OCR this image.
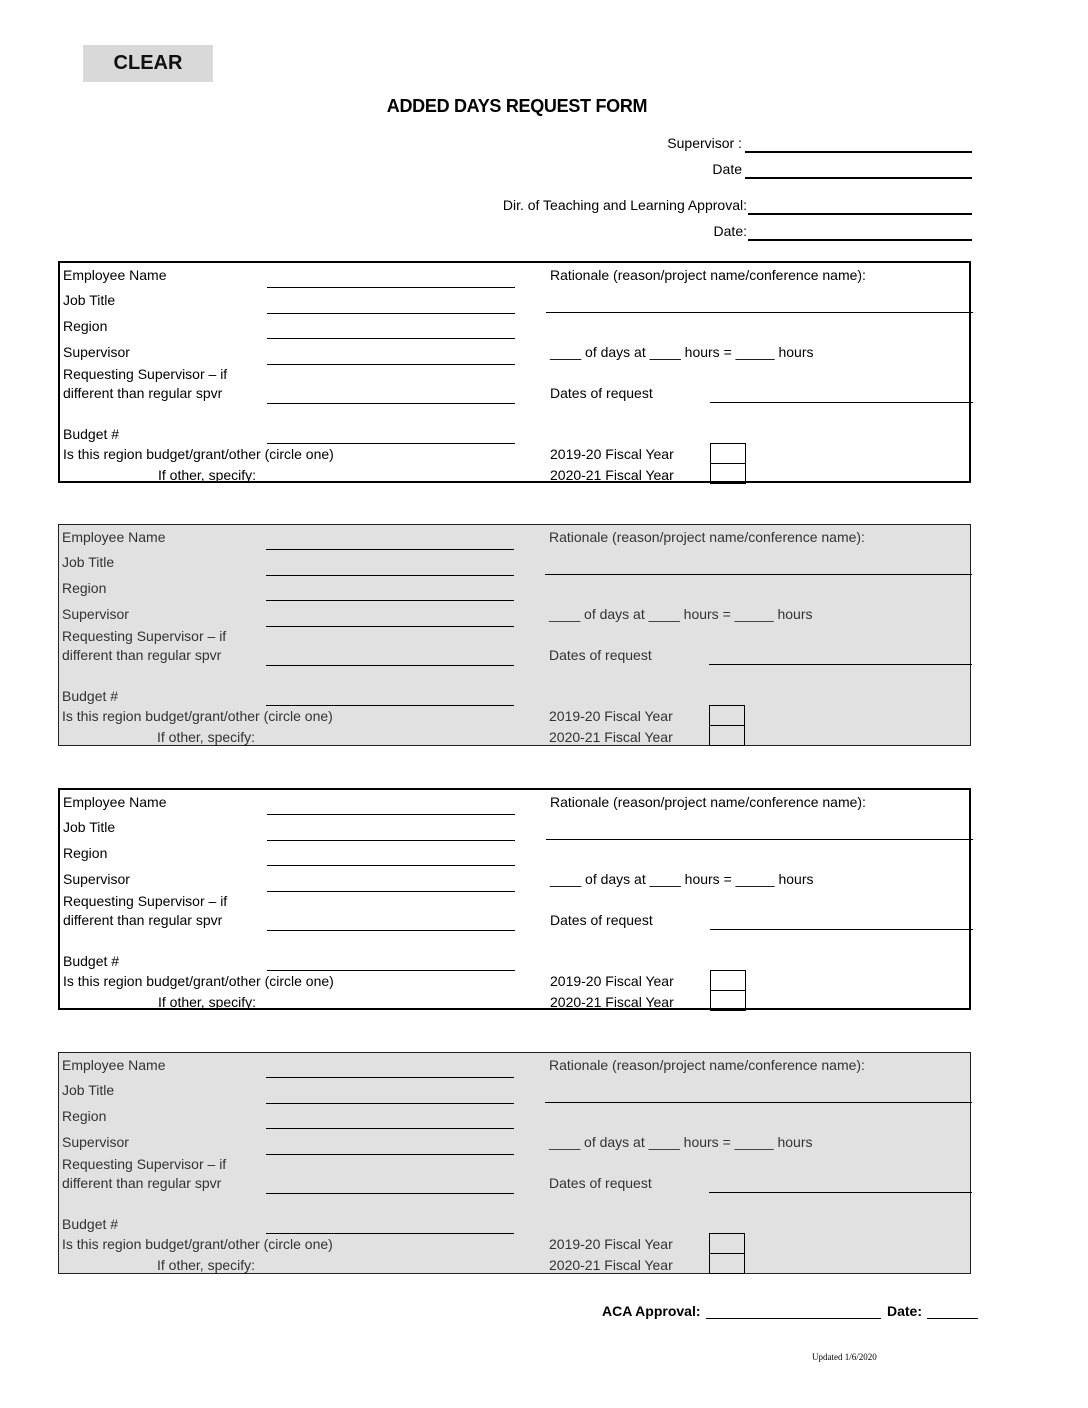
CLEAR
ADDED DAYS REQUEST FORM
Supervisor :
Date
Dir. of Teaching and Learning Approval:
Date:
Employee Name
Job Title
Region
Supervisor
Requesting Supervisor – if
different than regular spvr
Budget #
Is this region budget/grant/other (circle one)
If other, specify:
Rationale (reason/project name/conference name):
____ of days at ____ hours = _____ hours
Dates of request
2019-20 Fiscal Year
2020-21 Fiscal Year
Employee Name
Job Title
Region
Supervisor
Requesting Supervisor – if
different than regular spvr
Budget #
Is this region budget/grant/other (circle one)
If other, specify:
Rationale (reason/project name/conference name):
____ of days at ____ hours = _____ hours
Dates of request
2019-20 Fiscal Year
2020-21 Fiscal Year
Employee Name
Job Title
Region
Supervisor
Requesting Supervisor – if
different than regular spvr
Budget #
Is this region budget/grant/other (circle one)
If other, specify:
Rationale (reason/project name/conference name):
____ of days at ____ hours = _____ hours
Dates of request
2019-20 Fiscal Year
2020-21 Fiscal Year
Employee Name
Job Title
Region
Supervisor
Requesting Supervisor – if
different than regular spvr
Budget #
Is this region budget/grant/other (circle one)
If other, specify:
Rationale (reason/project name/conference name):
____ of days at ____ hours = _____ hours
Dates of request
2019-20 Fiscal Year
2020-21 Fiscal Year
ACA Approval:	Date:
Updated 1/6/2020
